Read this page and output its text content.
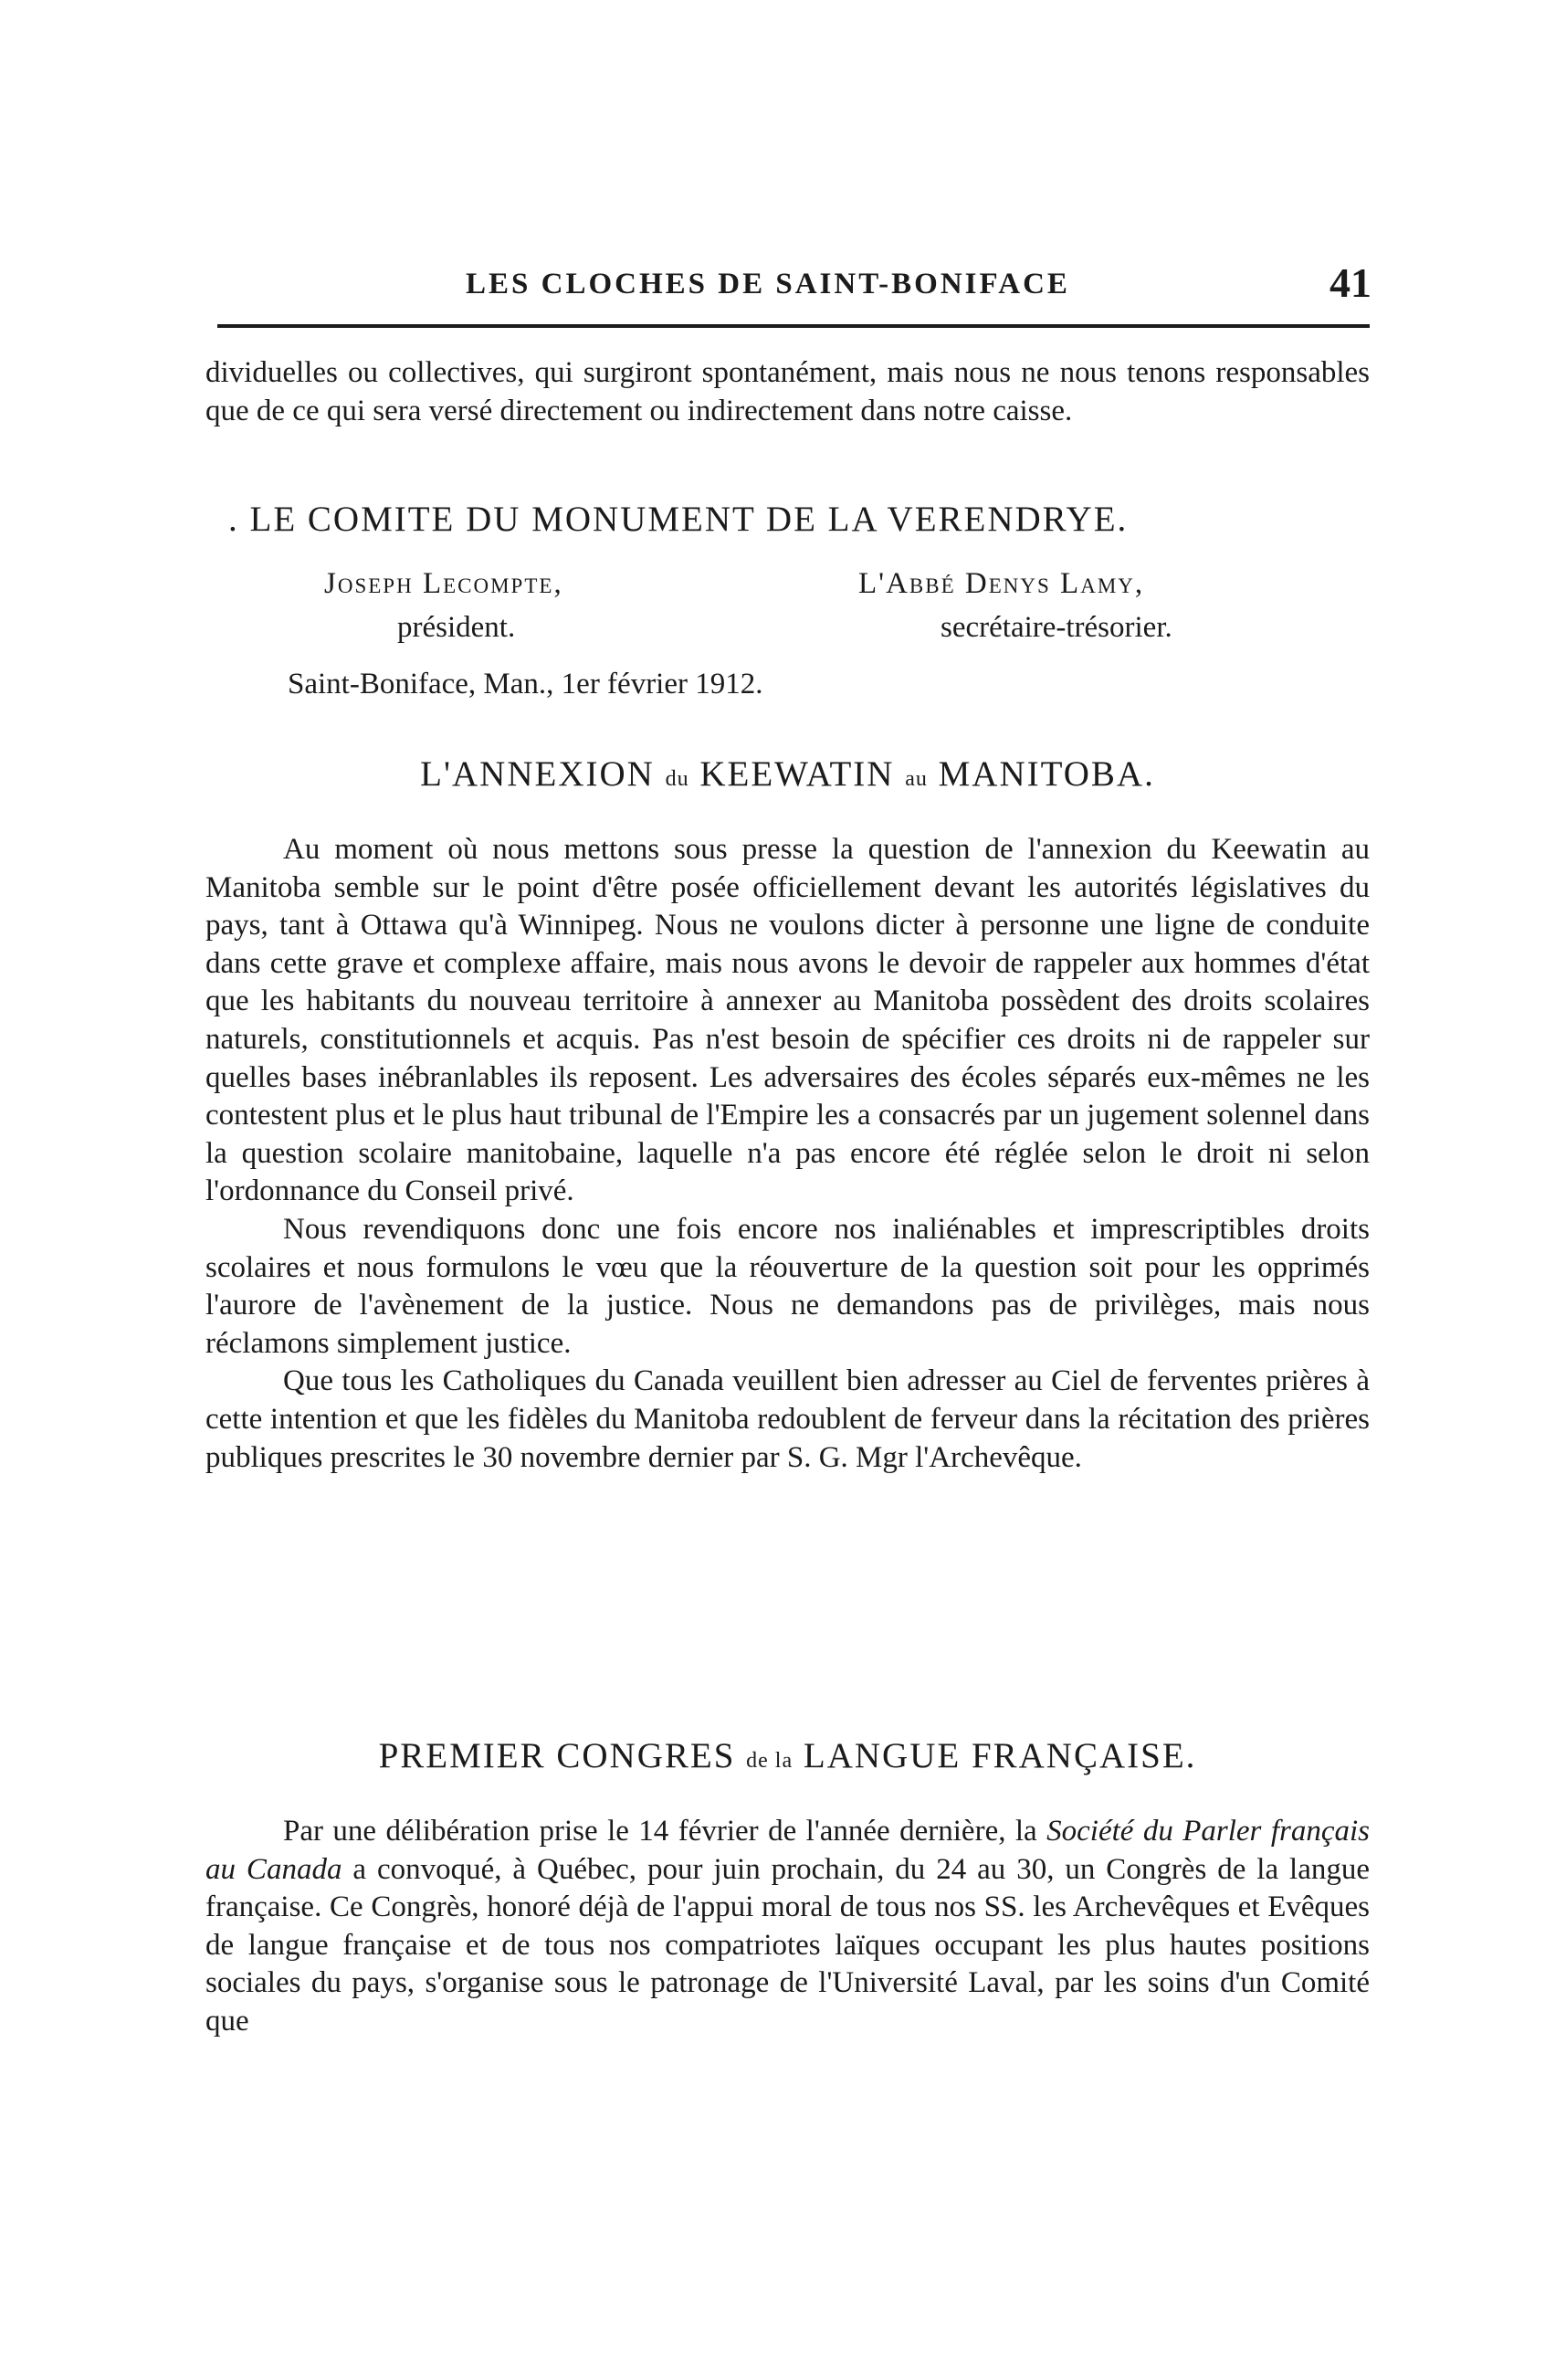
LES CLOCHES DE SAINT-BONIFACE	41

dividuelles ou collectives, qui surgiront spontanément, mais nous ne nous tenons responsables que de ce qui sera versé directement ou indirectement dans notre caisse.

. LE COMITE DU MONUMENT DE LA VERENDRYE.
Joseph Lecompte,
président.
L'Abbé Denys Lamy,
secrétaire-trésorier.
Saint-Boniface, Man., 1er février 1912.
L'ANNEXION du KEEWATIN au MANITOBA.

Au moment où nous mettons sous presse la question de l'annexion du Keewatin au Manitoba semble sur le point d'être posée officiellement devant les autorités législatives du pays, tant à Ottawa qu'à Winnipeg. Nous ne voulons dicter à personne une ligne de conduite dans cette grave et complexe affaire, mais nous avons le devoir de rappeler aux hommes d'état que les habitants du nouveau territoire à annexer au Manitoba possèdent des droits scolaires naturels, constitutionnels et acquis. Pas n'est besoin de spécifier ces droits ni de rappeler sur quelles bases inébranlables ils reposent. Les adversaires des écoles séparés eux-mêmes ne les contestent plus et le plus haut tribunal de l'Empire les a consacrés par un jugement solennel dans la question scolaire manitobaine, laquelle n'a pas encore été réglée selon le droit ni selon l'ordonnance du Conseil privé.

Nous revendiquons donc une fois encore nos inaliénables et imprescriptibles droits scolaires et nous formulons le vœu que la réouverture de la question soit pour les opprimés l'aurore de l'avènement de la justice. Nous ne demandons pas de privilèges, mais nous réclamons simplement justice.

Que tous les Catholiques du Canada veuillent bien adresser au Ciel de ferventes prières à cette intention et que les fidèles du Manitoba redoublent de ferveur dans la récitation des prières publiques prescrites le 30 novembre dernier par S. G. Mgr l'Archevêque.

PREMIER CONGRES de la LANGUE FRANÇAISE.

Par une délibération prise le 14 février de l'année dernière, la Société du Parler français au Canada a convoqué, à Québec, pour juin prochain, du 24 au 30, un Congrès de la langue française. Ce Congrès, honoré déjà de l'appui moral de tous nos SS. les Archevêques et Evêques de langue française et de tous nos compatriotes laïques occupant les plus hautes positions sociales du pays, s'organise sous le patronage de l'Université Laval, par les soins d'un Comité que
